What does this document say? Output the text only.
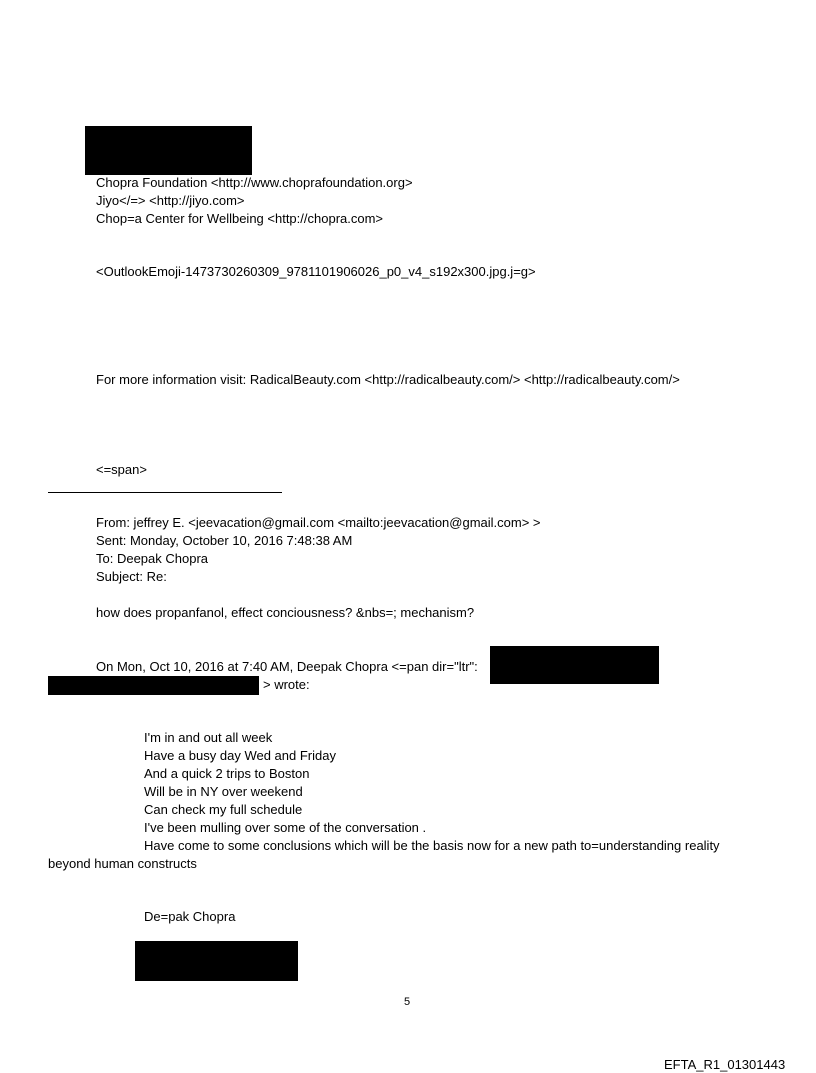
Chopra Foundation <http://www.choprafoundation.org>
Jiyo</=> <http://jiyo.com>
Chop=a Center for Wellbeing <http://chopra.com>
<OutlookEmoji-1473730260309_9781101906026_p0_v4_s192x300.jpg.j=g>
For more information visit: RadicalBeauty.com <http://radicalbeauty.com/> <http://radicalbeauty.com/>
<=span>
From: jeffrey E. <jeevacation@gmail.com <mailto:jeevacation@gmail.com> >
Sent: Monday, October 10, 2016 7:48:38 AM
To: Deepak Chopra
Subject: Re:
how does propanfanol, effect conciousness? &nbs=; mechanism?
On Mon, Oct 10, 2016 at 7:40 AM, Deepak Chopra <=pan dir="ltr":
> wrote:
I'm in and out all week
Have a busy day Wed and Friday
And a quick 2 trips to Boston
Will be in NY over weekend
Can check my full schedule
I've been mulling over some of the conversation .
Have come to some conclusions which will be the basis now for a new path to=understanding reality
beyond human constructs
De=pak Chopra
5
EFTA_R1_01301443
